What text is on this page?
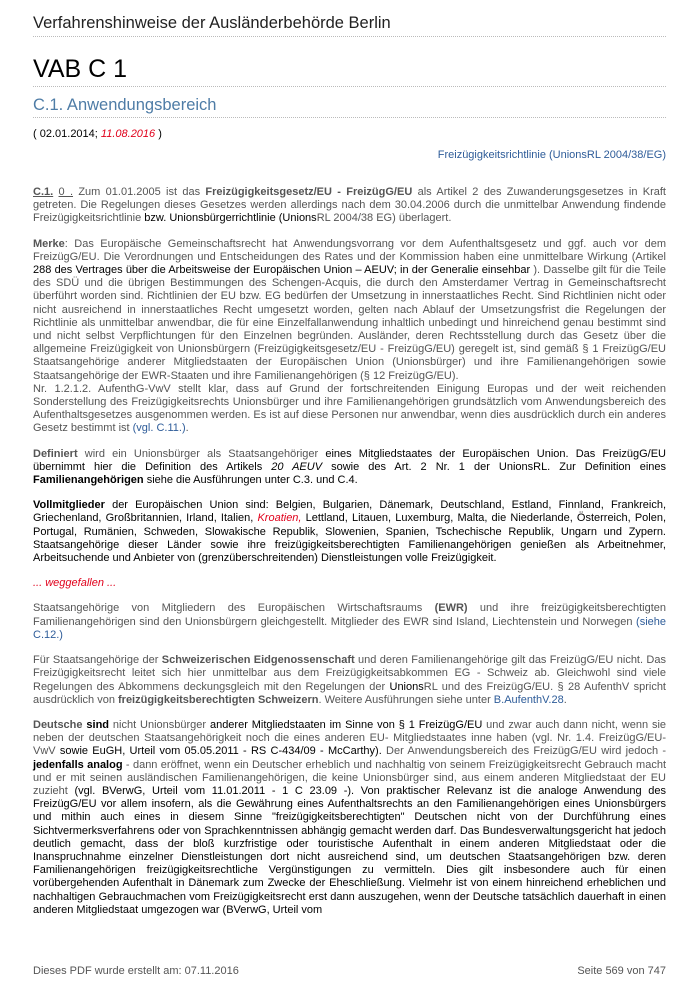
Verfahrenshinweise der Ausländerbehörde Berlin
VAB C 1
C.1. Anwendungsbereich
( 02.01.2014; 11.08.2016 )
Freizügigkeitsrichtlinie (UnionsRL 2004/38/EG)

C.1. 0 . Zum 01.01.2005 ist das Freizügigkeitsgesetz/EU - FreizügG/EU als Artikel 2 des Zuwanderungsgesetzes in Kraft getreten. Die Regelungen dieses Gesetzes werden allerdings nach dem 30.04.2006 durch die unmittelbar Anwendung findende Freizügigkeitsrichtlinie bzw. Unionsbürgerrichtlinie (UnionsRL 2004/38 EG) überlagert.

Merke: Das Europäische Gemeinschaftsrecht hat Anwendungsvorrang vor dem Aufenthaltsgesetz und ggf. auch vor dem FreizügG/EU. Die Verordnungen und Entscheidungen des Rates und der Kommission haben eine unmittelbare Wirkung (Artikel 288 des Vertrages über die Arbeitsweise der Europäischen Union – AEUV; in der Generalie einsehbar ). Dasselbe gilt für die Teile des SDÜ und die übrigen Bestimmungen des Schengen-Acquis, die durch den Amsterdamer Vertrag in Gemeinschaftsrecht überführt worden sind. Richtlinien der EU bzw. EG bedürfen der Umsetzung in innerstaatliches Recht. Sind Richtlinien nicht oder nicht ausreichend in innerstaatliches Recht umgesetzt worden, gelten nach Ablauf der Umsetzungsfrist die Regelungen der Richtlinie als unmittelbar anwendbar, die für eine Einzelfallanwendung inhaltlich unbedingt und hinreichend genau bestimmt sind und nicht selbst Verpflichtungen für den Einzelnen begründen. Ausländer, deren Rechtsstellung durch das Gesetz über die allgemeine Freizügigkeit von Unionsbürgern (Freizügigkeitsgesetz/EU - FreizügG/EU) geregelt ist, sind gemäß § 1 FreizügG/EU Staatsangehörige anderer Mitgliedstaaten der Europäischen Union (Unionsbürger) und ihre Familienangehörigen sowie Staatsangehörige der EWR-Staaten und ihre Familienangehörigen (§ 12 FreizügG/EU).
Nr. 1.2.1.2. AufenthG-VwV stellt klar, dass auf Grund der fortschreitenden Einigung Europas und der weit reichenden Sonderstellung des Freizügigkeitsrechts Unionsbürger und ihre Familienangehörigen grundsätzlich vom Anwendungsbereich des Aufenthaltsgesetzes ausgenommen werden. Es ist auf diese Personen nur anwendbar, wenn dies ausdrücklich durch ein anderes Gesetz bestimmt ist (vgl. C.11.).

Definiert wird ein Unionsbürger als Staatsangehöriger eines Mitgliedstaates der Europäischen Union. Das FreizügG/EU übernimmt hier die Definition des Artikels 20 AEUV sowie des Art. 2 Nr. 1 der UnionsRL. Zur Definition eines Familienangehörigen siehe die Ausführungen unter C.3. und C.4.

Vollmitglieder der Europäischen Union sind: Belgien, Bulgarien, Dänemark, Deutschland, Estland, Finnland, Frankreich, Griechenland, Großbritannien, Irland, Italien, Kroatien, Lettland, Litauen, Luxemburg, Malta, die Niederlande, Österreich, Polen, Portugal, Rumänien, Schweden, Slowakische Republik, Slowenien, Spanien, Tschechische Republik, Ungarn und Zypern. Staatsangehörige dieser Länder sowie ihre freizügigkeitsberechtigten Familienangehörigen genießen als Arbeitnehmer, Arbeitsuchende und Anbieter von (grenzüberschreitenden) Dienstleistungen volle Freizügigkeit.

... weggefallen ...

Staatsangehörige von Mitgliedern des Europäischen Wirtschaftsraums (EWR) und ihre freizügigkeitsberechtigten Familienangehörigen sind den Unionsbürgern gleichgestellt. Mitglieder des EWR sind Island, Liechtenstein und Norwegen (siehe C.12.)

Für Staatsangehörige der Schweizerischen Eidgenossenschaft und deren Familienangehörige gilt das FreizügG/EU nicht. Das Freizügigkeitsrecht leitet sich hier unmittelbar aus dem Freizügigkeitsabkommen EG - Schweiz ab. Gleichwohl sind viele Regelungen des Abkommens deckungsgleich mit den Regelungen der UnionsRL und des FreizügG/EU. § 28 AufenthV spricht ausdrücklich von freizügigkeitsberechtigten Schweizern. Weitere Ausführungen siehe unter B.AufenthV.28.

Deutsche sind nicht Unionsbürger anderer Mitgliedstaaten im Sinne von § 1 FreizügG/EU und zwar auch dann nicht, wenn sie neben der deutschen Staatsangehörigkeit noch die eines anderen EU- Mitgliedstaates inne haben (vgl. Nr. 1.4. FreizügG/EU- VwV sowie EuGH, Urteil vom 05.05.2011 - RS C-434/09 - McCarthy). Der Anwendungsbereich des FreizügG/EU wird jedoch - jedenfalls analog - dann eröffnet, wenn ein Deutscher erheblich und nachhaltig von seinem Freizügigkeitsrecht Gebrauch macht und er mit seinen ausländischen Familienangehörigen, die keine Unionsbürger sind, aus einem anderen Mitgliedstaat der EU zuzieht (vgl. BVerwG, Urteil vom 11.01.2011 - 1 C 23.09 -). Von praktischer Relevanz ist die analoge Anwendung des FreizügG/EU vor allem insofern, als die Gewährung eines Aufenthaltsrechts an den Familienangehörigen eines Unionsbürgers und mithin auch eines in diesem Sinne "freizügigkeitsberechtigten" Deutschen nicht von der Durchführung eines Sichtvermerksverfahrens oder von Sprachkenntnissen abhängig gemacht werden darf. Das Bundesverwaltungsgericht hat jedoch deutlich gemacht, dass der bloß kurzfristige oder touristische Aufenthalt in einem anderen Mitgliedstaat oder die Inanspruchnahme einzelner Dienstleistungen dort nicht ausreichend sind, um deutschen Staatsangehörigen bzw. deren Familienangehörigen freizügigkeitsrechtliche Vergünstigungen zu vermitteln. Dies gilt insbesondere auch für einen vorübergehenden Aufenthalt in Dänemark zum Zwecke der Eheschließung. Vielmehr ist von einem hinreichend erheblichen und nachhaltigen Gebrauchmachen vom Freizügigkeitsrecht erst dann auszugehen, wenn der Deutsche tatsächlich dauerhaft in einen anderen Mitgliedstaat umgezogen war (BVerwG, Urteil vom

Dieses PDF wurde erstellt am: 07.11.2016	Seite 569 von 747
